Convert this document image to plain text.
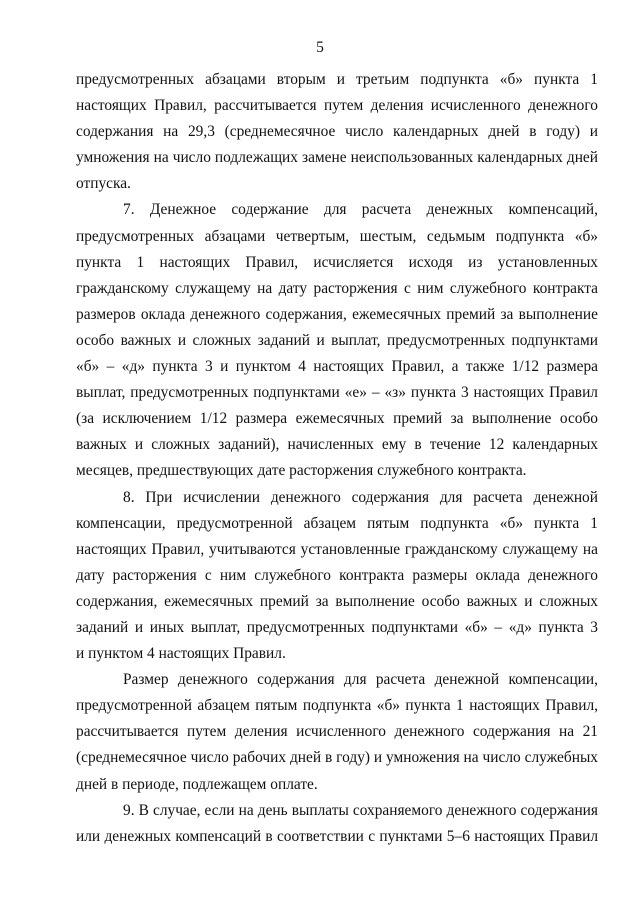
5
предусмотренных абзацами вторым и третьим подпункта «б» пункта 1
настоящих Правил, рассчитывается путем деления исчисленного денежного
содержания на 29,3 (среднемесячное число календарных дней в году) и
умножения на число подлежащих замене неиспользованных календарных дней
отпуска.
7. Денежное содержание для расчета денежных компенсаций,
предусмотренных абзацами четвертым, шестым, седьмым подпункта «б»
пункта 1 настоящих Правил, исчисляется исходя из установленных
гражданскому служащему на дату расторжения с ним служебного контракта
размеров оклада денежного содержания, ежемесячных премий за выполнение
особо важных и сложных заданий и выплат, предусмотренных подпунктами
«б» – «д» пункта 3 и пунктом 4 настоящих Правил, а также 1/12 размера
выплат, предусмотренных подпунктами «е» – «з» пункта 3 настоящих Правил
(за исключением 1/12 размера ежемесячных премий за выполнение особо
важных и сложных заданий), начисленных ему в течение 12 календарных
месяцев, предшествующих дате расторжения служебного контракта.
8. При исчислении денежного содержания для расчета денежной
компенсации, предусмотренной абзацем пятым подпункта «б» пункта 1
настоящих Правил, учитываются установленные гражданскому служащему на
дату расторжения с ним служебного контракта размеры оклада денежного
содержания, ежемесячных премий за выполнение особо важных и сложных
заданий и иных выплат, предусмотренных подпунктами «б» – «д» пункта 3
и пунктом 4 настоящих Правил.
Размер денежного содержания для расчета денежной компенсации,
предусмотренной абзацем пятым подпункта «б» пункта 1 настоящих Правил,
рассчитывается путем деления исчисленного денежного содержания на 21
(среднемесячное число рабочих дней в году) и умножения на число служебных
дней в периоде, подлежащем оплате.
9. В случае, если на день выплаты сохраняемого денежного содержания
или денежных компенсаций в соответствии с пунктами 5–6 настоящих Правил
